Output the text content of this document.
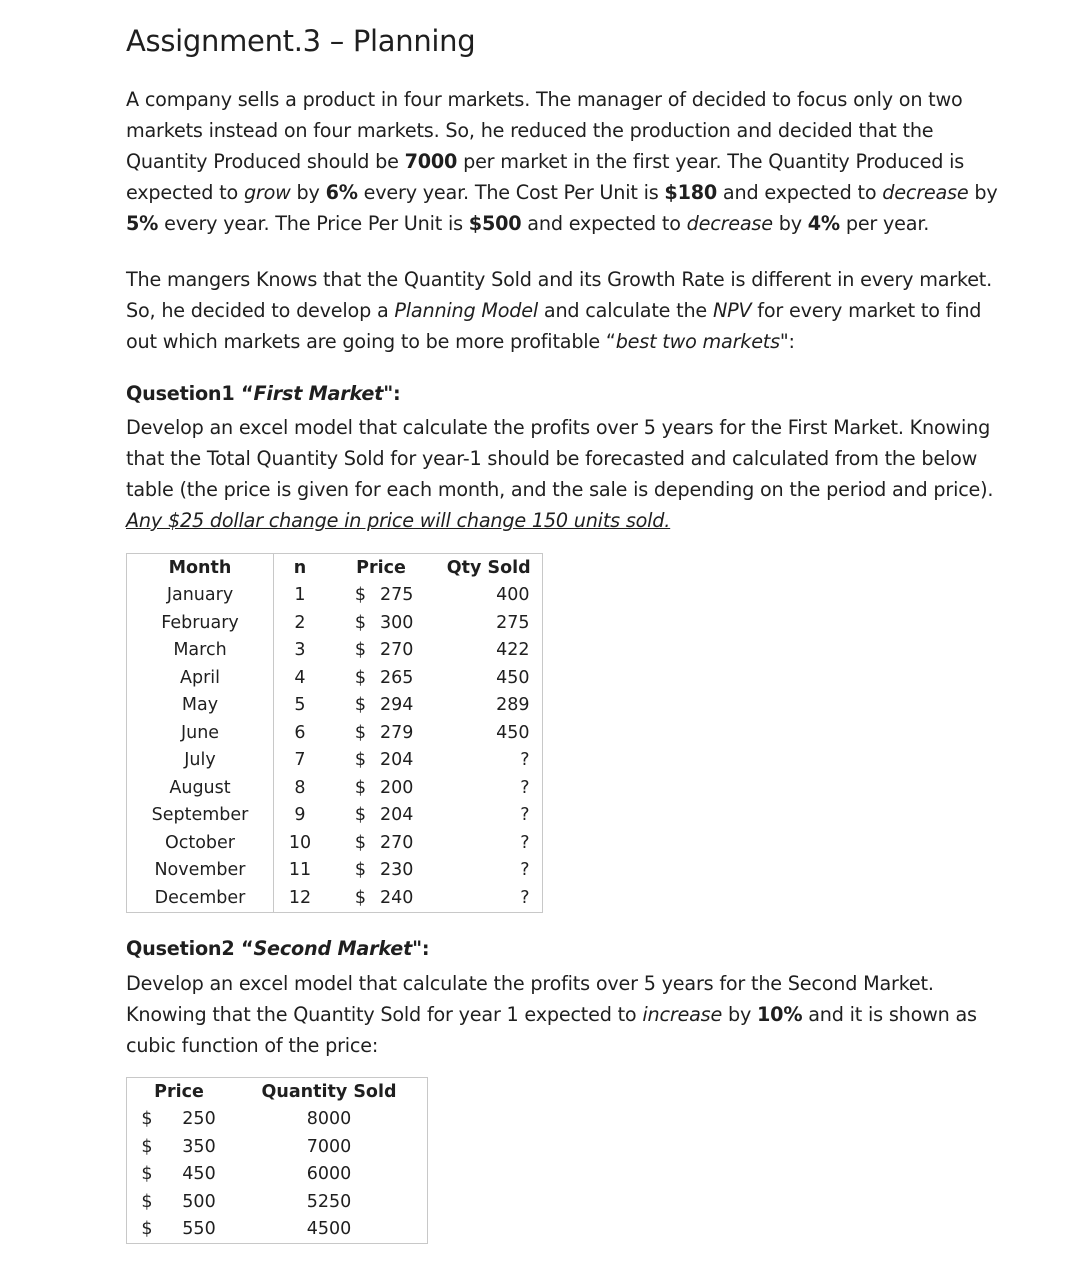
Assignment.3 – Planning
A company sells a product in four markets. The manager of decided to focus only on two markets instead on four markets. So, he reduced the production and decided that the Quantity Produced should be 7000 per market in the first year. The Quantity Produced is expected to grow by 6% every year. The Cost Per Unit is $180 and expected to decrease by 5% every year. The Price Per Unit is $500 and expected to decrease by 4% per year.
The mangers Knows that the Quantity Sold and its Growth Rate is different in every market. So, he decided to develop a Planning Model and calculate the NPV for every market to find out which markets are going to be more profitable “best two markets":
Qusetion1 “First Market":
Develop an excel model that calculate the profits over 5 years for the First Market. Knowing that the Total Quantity Sold for year-1 should be forecasted and calculated from the below table (the price is given for each month, and the sale is depending on the period and price). Any $25 dollar change in price will change 150 units sold.
Qusetion2 “Second Market":
Develop an excel model that calculate the profits over 5 years for the Second Market. Knowing that the Quantity Sold for year 1 expected to increase by 10% and it is shown as cubic function of the price:
Month	n	Price		Qty Sold
January	1	$	275	400
February	2	$	300	275
March	3	$	270	422
April	4	$	265	450
May	5	$	294	289
June	6	$	279	450
July	7	$	204	?
August	8	$	200	?
September	9	$	204	?
October	10	$	270	?
November	11	$	230	?
December	12	$	240	?
Price		Quantity Sold
$	250	8000
$	350	7000
$	450	6000
$	500	5250
$	550	4500
